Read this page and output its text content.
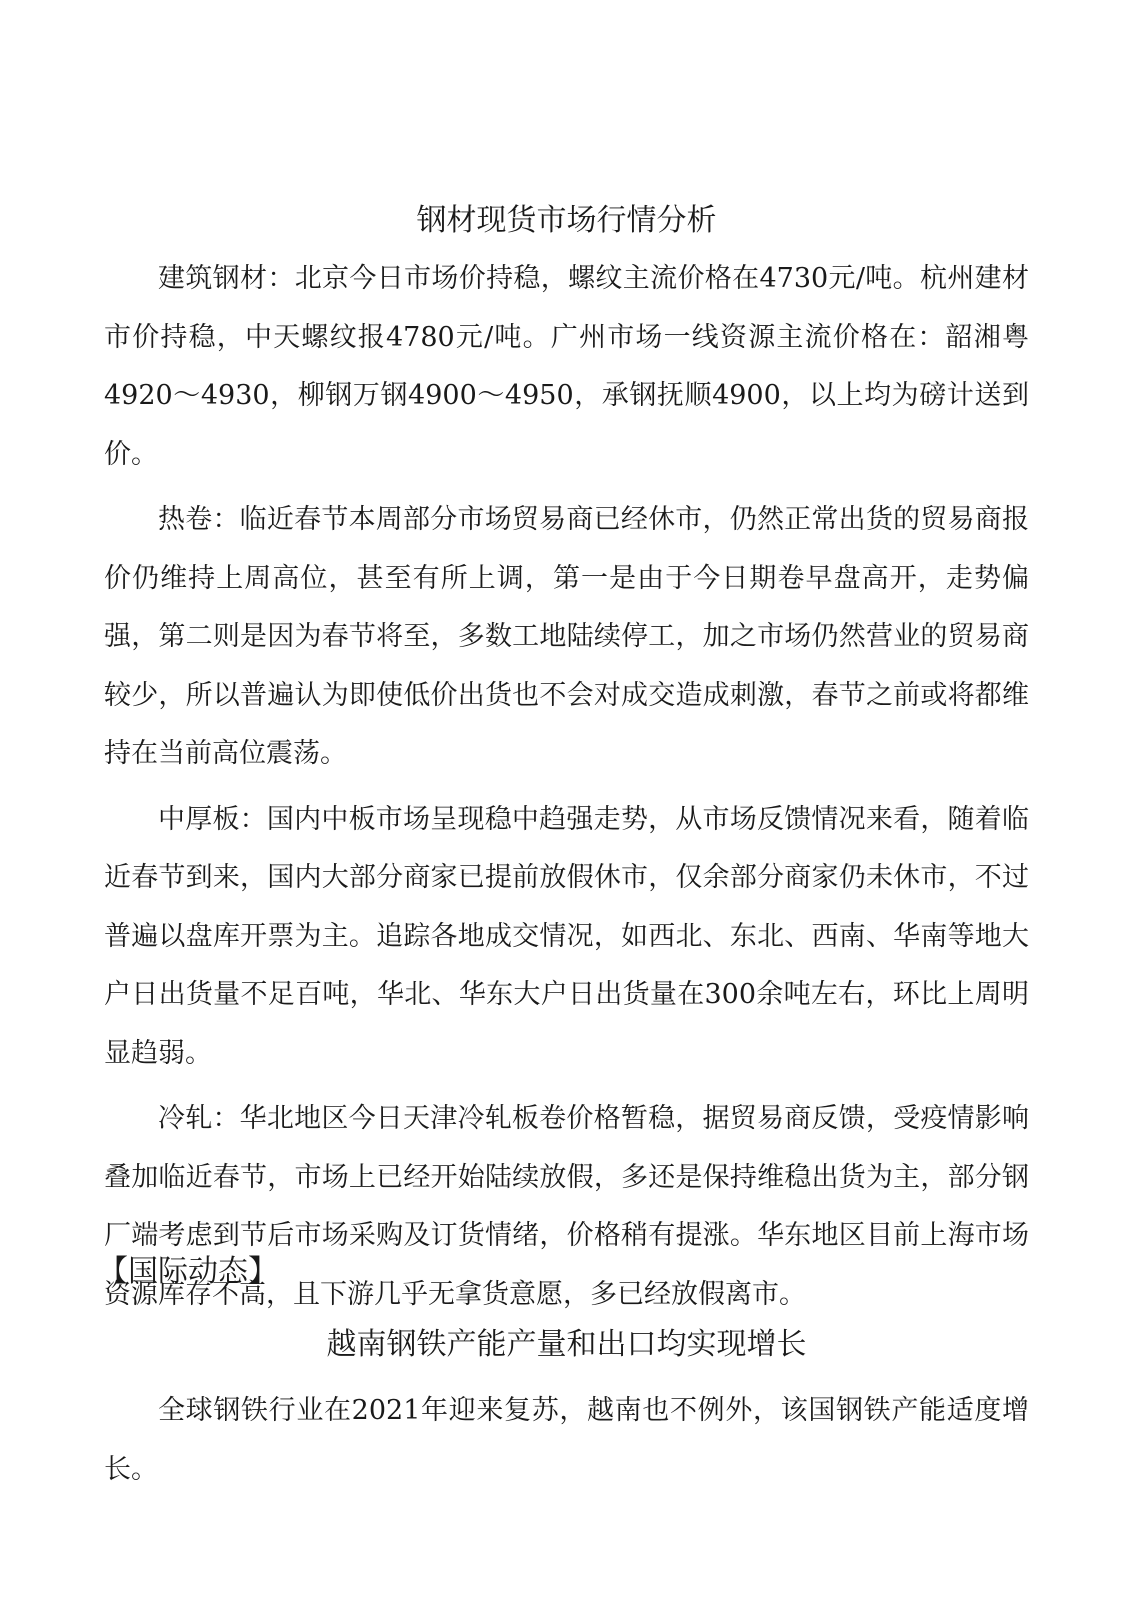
钢材现货市场行情分析

建筑钢材：北京今日市场价持稳，螺纹主流价格在4730元/吨。杭州建材市价持稳，中天螺纹报4780元/吨。广州市场一线资源主流价格在：韶湘粤4920～4930，柳钢万钢4900～4950，承钢抚顺4900，以上均为磅计送到价。

热卷：临近春节本周部分市场贸易商已经休市，仍然正常出货的贸易商报价仍维持上周高位，甚至有所上调，第一是由于今日期卷早盘高开，走势偏强，第二则是因为春节将至，多数工地陆续停工，加之市场仍然营业的贸易商较少，所以普遍认为即使低价出货也不会对成交造成刺激，春节之前或将都维持在当前高位震荡。

中厚板：国内中板市场呈现稳中趋强走势，从市场反馈情况来看，随着临近春节到来，国内大部分商家已提前放假休市，仅余部分商家仍未休市，不过普遍以盘库开票为主。追踪各地成交情况，如西北、东北、西南、华南等地大户日出货量不足百吨，华北、华东大户日出货量在300余吨左右，环比上周明显趋弱。

冷轧：华北地区今日天津冷轧板卷价格暂稳，据贸易商反馈，受疫情影响叠加临近春节，市场上已经开始陆续放假，多还是保持维稳出货为主，部分钢厂端考虑到节后市场采购及订货情绪，价格稍有提涨。华东地区目前上海市场资源库存不高，且下游几乎无拿货意愿，多已经放假离市。

【国际动态】
越南钢铁产能产量和出口均实现增长

全球钢铁行业在2021年迎来复苏，越南也不例外，该国钢铁产能适度增长。
